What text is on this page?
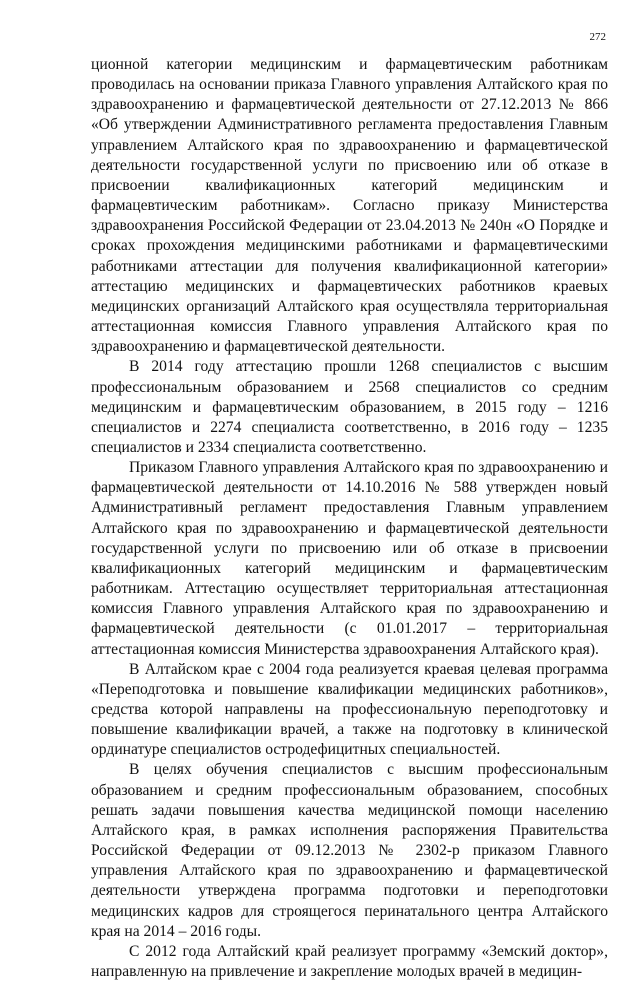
272

ционной категории медицинским и фармацевтическим работникам проводилась на основании приказа Главного управления Алтайского края по здравоохранению и фармацевтической деятельности от 27.12.2013 № 866 «Об утверждении Административного регламента предоставления Главным управлением Алтайского края по здравоохранению и фармацевтической деятельности государственной услуги по присвоению или об отказе в присвоении квалификационных категорий медицинским и фармацевтическим работникам». Согласно приказу Министерства здравоохранения Российской Федерации от 23.04.2013 № 240н «О Порядке и сроках прохождения медицинскими работниками и фармацевтическими работниками аттестации для получения квалификационной категории» аттестацию медицинских и фармацевтических работников краевых медицинских организаций Алтайского края осуществляла территориальная аттестационная комиссия Главного управления Алтайского края по здравоохранению и фармацевтической деятельности.

В 2014 году аттестацию прошли 1268 специалистов с высшим профессиональным образованием и 2568 специалистов со средним медицинским и фармацевтическим образованием, в 2015 году – 1216 специалистов и 2274 специалиста соответственно, в 2016 году – 1235 специалистов и 2334 специалиста соответственно.

Приказом Главного управления Алтайского края по здравоохранению и фармацевтической деятельности от 14.10.2016 № 588 утвержден новый Административный регламент предоставления Главным управлением Алтайского края по здравоохранению и фармацевтической деятельности государственной услуги по присвоению или об отказе в присвоении квалификационных категорий медицинским и фармацевтическим работникам. Аттестацию осуществляет территориальная аттестационная комиссия Главного управления Алтайского края по здравоохранению и фармацевтической деятельности (с 01.01.2017 – территориальная аттестационная комиссия Министерства здравоохранения Алтайского края).

В Алтайском крае с 2004 года реализуется краевая целевая программа «Переподготовка и повышение квалификации медицинских работников», средства которой направлены на профессиональную переподготовку и повышение квалификации врачей, а также на подготовку в клинической ординатуре специалистов остродефицитных специальностей.

В целях обучения специалистов с высшим профессиональным образованием и средним профессиональным образованием, способных решать задачи повышения качества медицинской помощи населению Алтайского края, в рамках исполнения распоряжения Правительства Российской Федерации от 09.12.2013 № 2302-р приказом Главного управления Алтайского края по здравоохранению и фармацевтической деятельности утверждена программа подготовки и переподготовки медицинских кадров для строящегося перинатального центра Алтайского края на 2014 – 2016 годы.

С 2012 года Алтайский край реализует программу «Земский доктор», направленную на привлечение и закрепление молодых врачей в медицин-
